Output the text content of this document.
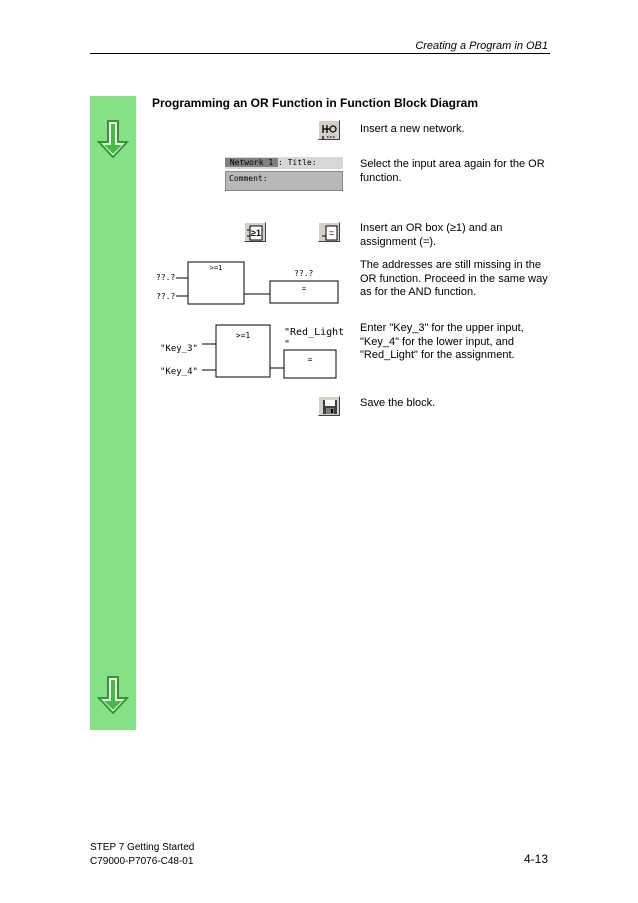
Creating a Program in OB1
Programming an OR Function in Function Block Diagram
Insert a new network.
Network 1 : Title:
Comment:
Select the input area again for the OR function.
≥1	= Insert an OR box (≥1) and an assignment (=).
>=1
??.?
??.?
??.?
=
The addresses are still missing in the OR function. Proceed in the same way as for the AND function.
>=1
"Key_3"
"Key_4"
"Red_Light
"
=
Enter "Key_3" for the upper input, "Key_4" for the lower input, and "Red_Light" for the assignment.
Save the block.
STEP 7 Getting Started
C79000-P7076-C48-01	4-13
